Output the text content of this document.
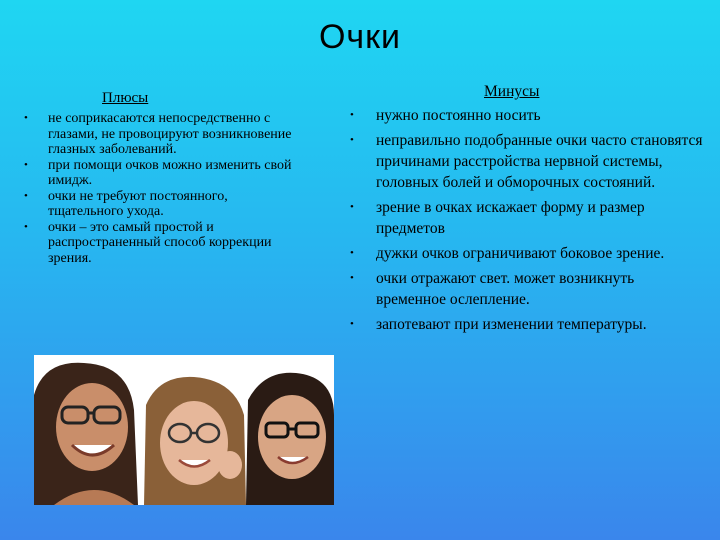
Очки
Плюсы
• не соприкасаются непосредственно с глазами, не провоцируют возникновение глазных заболеваний.
• при помощи очков можно изменить свой имидж.
• очки не требуют постоянного, тщательного ухода.
• очки – это самый простой и распространенный способ коррекции зрения.
Минусы
• нужно постоянно носить
• неправильно подобранные очки часто становятся причинами расстройства нервной системы, головных болей и обморочных состояний.
• зрение в очках искажает форму и размер предметов
• дужки очков ограничивают боковое зрение.
• очки отражают свет. может возникнуть временное ослепление.
• запотевают при изменении температуры.
